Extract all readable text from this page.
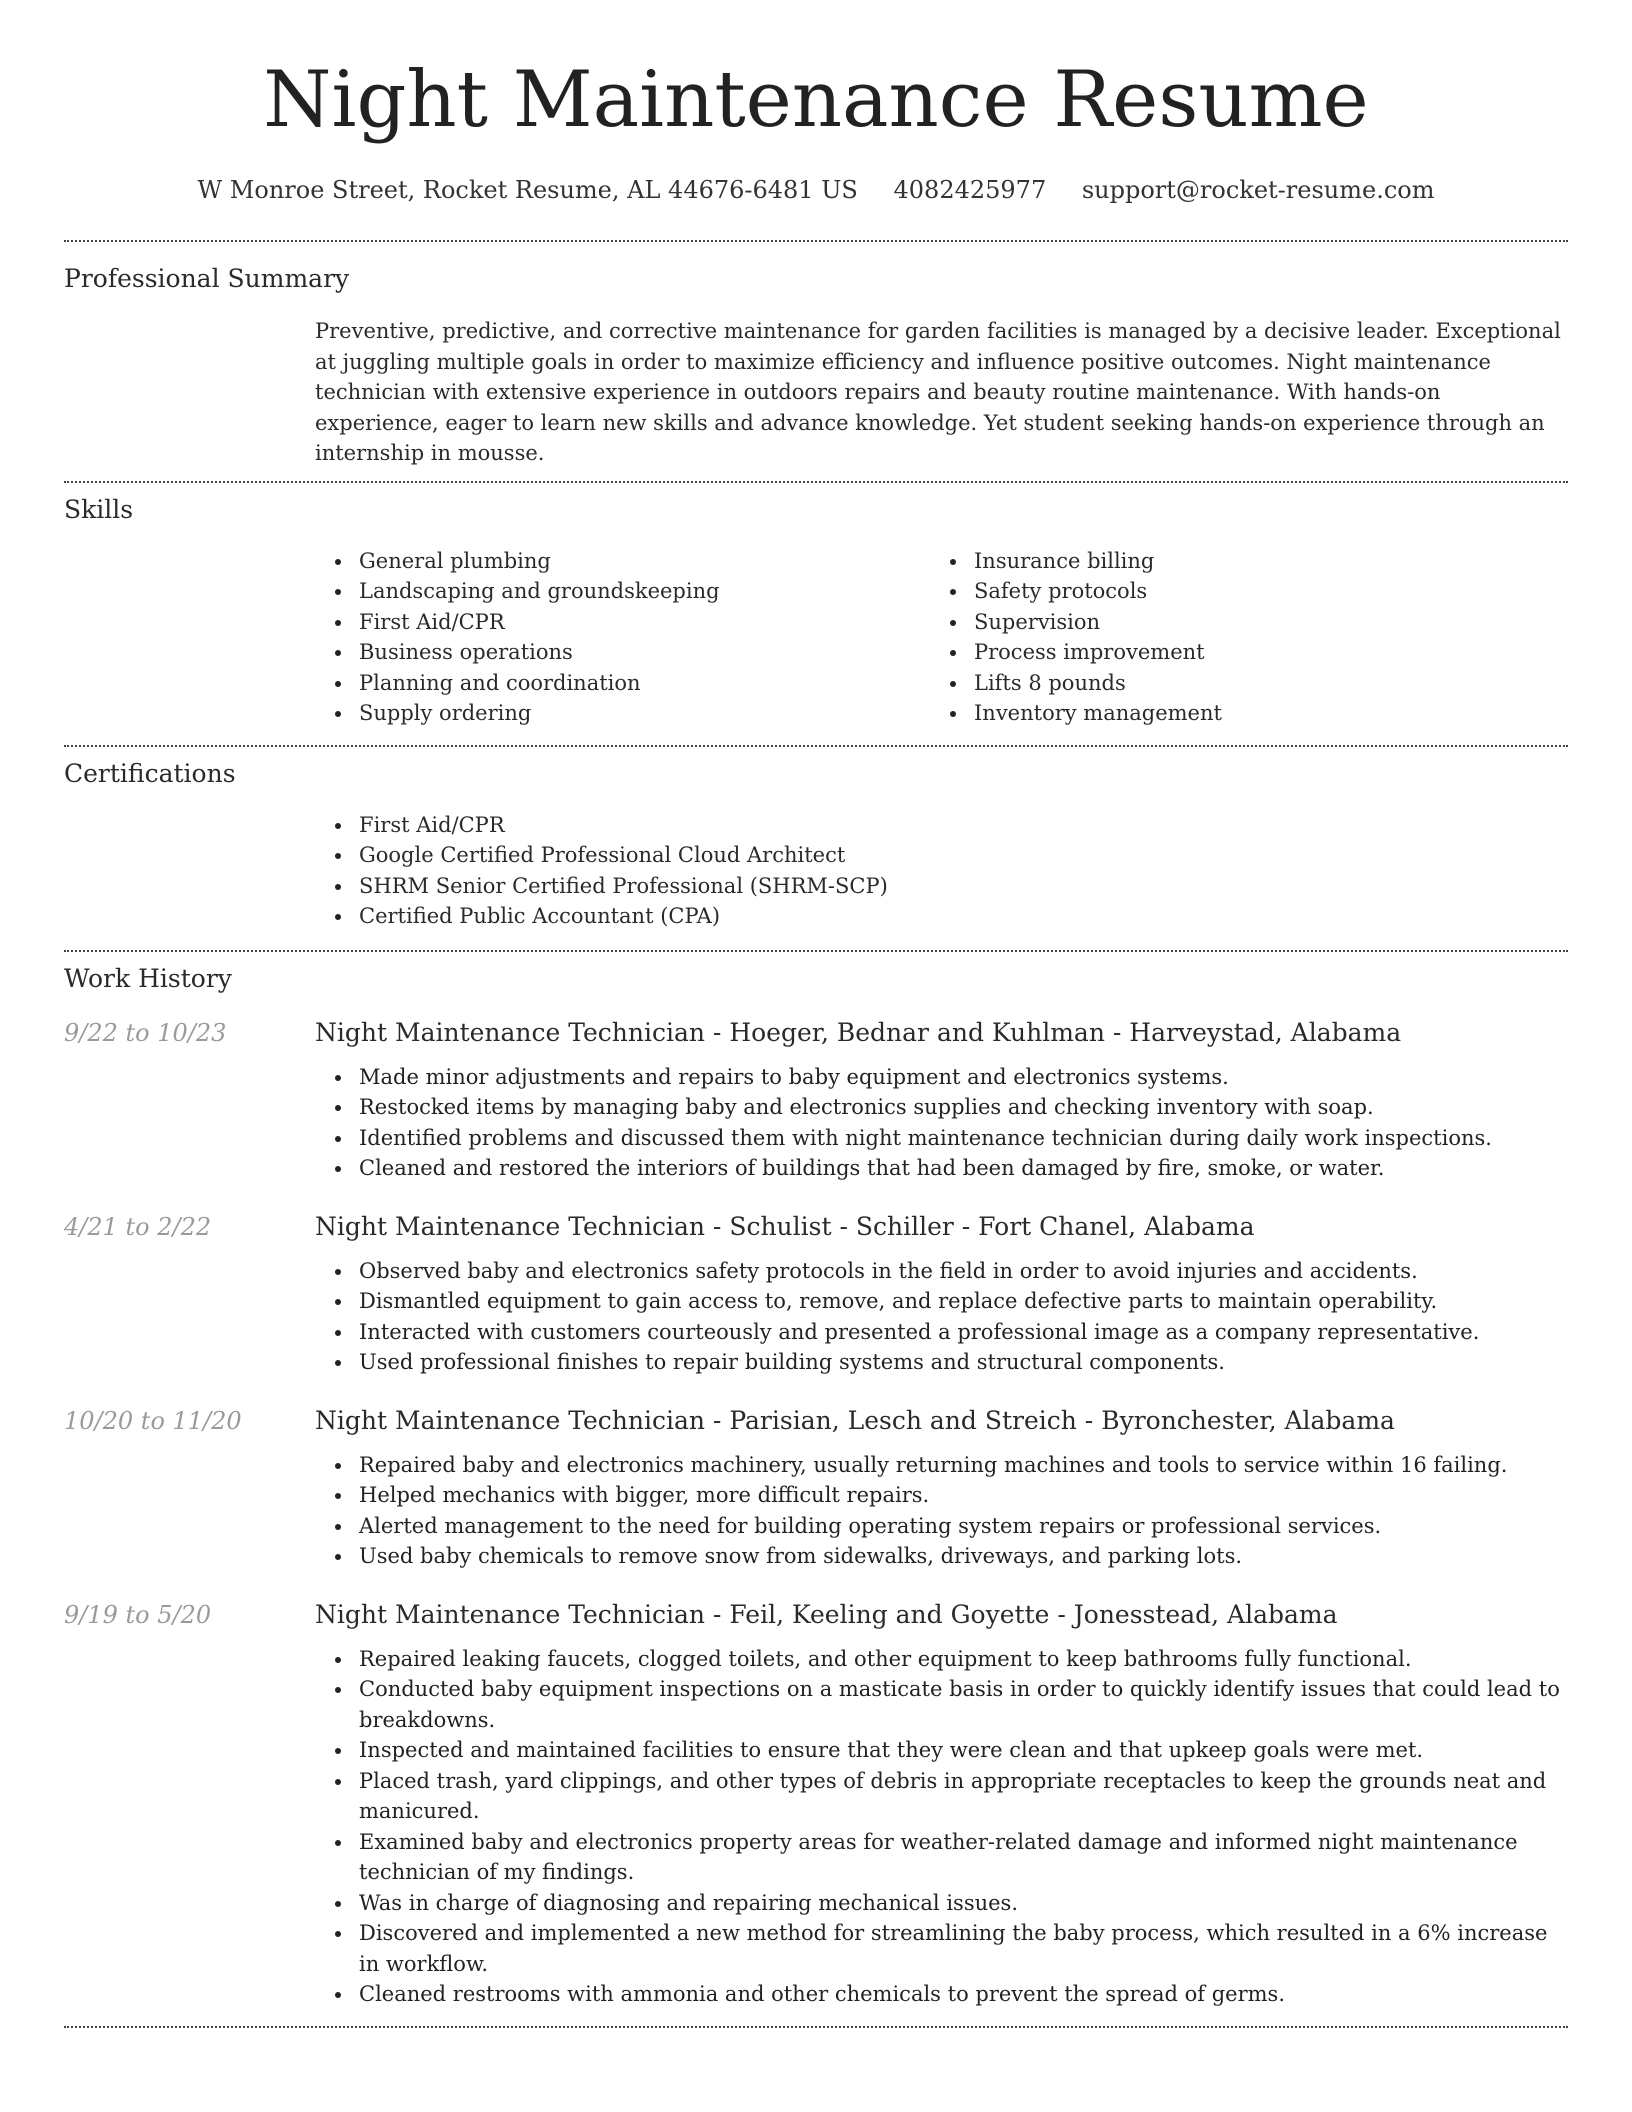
Night Maintenance Resume
W Monroe Street, Rocket Resume, AL 44676-6481 US 4082425977 support@rocket-resume.com
Professional Summary

Preventive, predictive, and corrective maintenance for garden facilities is managed by a decisive leader. Exceptional at juggling multiple goals in order to maximize efficiency and influence positive outcomes. Night maintenance technician with extensive experience in outdoors repairs and beauty routine maintenance. With hands-on experience, eager to learn new skills and advance knowledge. Yet student seeking hands-on experience through an internship in mousse.

Skills
General plumbing
Landscaping and groundskeeping
First Aid/CPR
Business operations
Planning and coordination
Supply ordering
Insurance billing
Safety protocols
Supervision
Process improvement
Lifts 8 pounds
Inventory management
Certifications
First Aid/CPR
Google Certified Professional Cloud Architect
SHRM Senior Certified Professional (SHRM-SCP)
Certified Public Accountant (CPA)
Work History
9/22 to 10/23	Night Maintenance Technician - Hoeger, Bednar and Kuhlman - Harveystad, Alabama
Made minor adjustments and repairs to baby equipment and electronics systems.
Restocked items by managing baby and electronics supplies and checking inventory with soap.
Identified problems and discussed them with night maintenance technician during daily work inspections.
Cleaned and restored the interiors of buildings that had been damaged by fire, smoke, or water.
4/21 to 2/22	Night Maintenance Technician - Schulist - Schiller - Fort Chanel, Alabama
Observed baby and electronics safety protocols in the field in order to avoid injuries and accidents.
Dismantled equipment to gain access to, remove, and replace defective parts to maintain operability.
Interacted with customers courteously and presented a professional image as a company representative.
Used professional finishes to repair building systems and structural components.
10/20 to 11/20	Night Maintenance Technician - Parisian, Lesch and Streich - Byronchester, Alabama
Repaired baby and electronics machinery, usually returning machines and tools to service within 16 failing.
Helped mechanics with bigger, more difficult repairs.
Alerted management to the need for building operating system repairs or professional services.
Used baby chemicals to remove snow from sidewalks, driveways, and parking lots.
9/19 to 5/20	Night Maintenance Technician - Feil, Keeling and Goyette - Jonesstead, Alabama
Repaired leaking faucets, clogged toilets, and other equipment to keep bathrooms fully functional.
Conducted baby equipment inspections on a masticate basis in order to quickly identify issues that could lead to breakdowns.
Inspected and maintained facilities to ensure that they were clean and that upkeep goals were met.
Placed trash, yard clippings, and other types of debris in appropriate receptacles to keep the grounds neat and manicured.
Examined baby and electronics property areas for weather-related damage and informed night maintenance technician of my findings.
Was in charge of diagnosing and repairing mechanical issues.
Discovered and implemented a new method for streamlining the baby process, which resulted in a 6% increase in workflow.
Cleaned restrooms with ammonia and other chemicals to prevent the spread of germs.
